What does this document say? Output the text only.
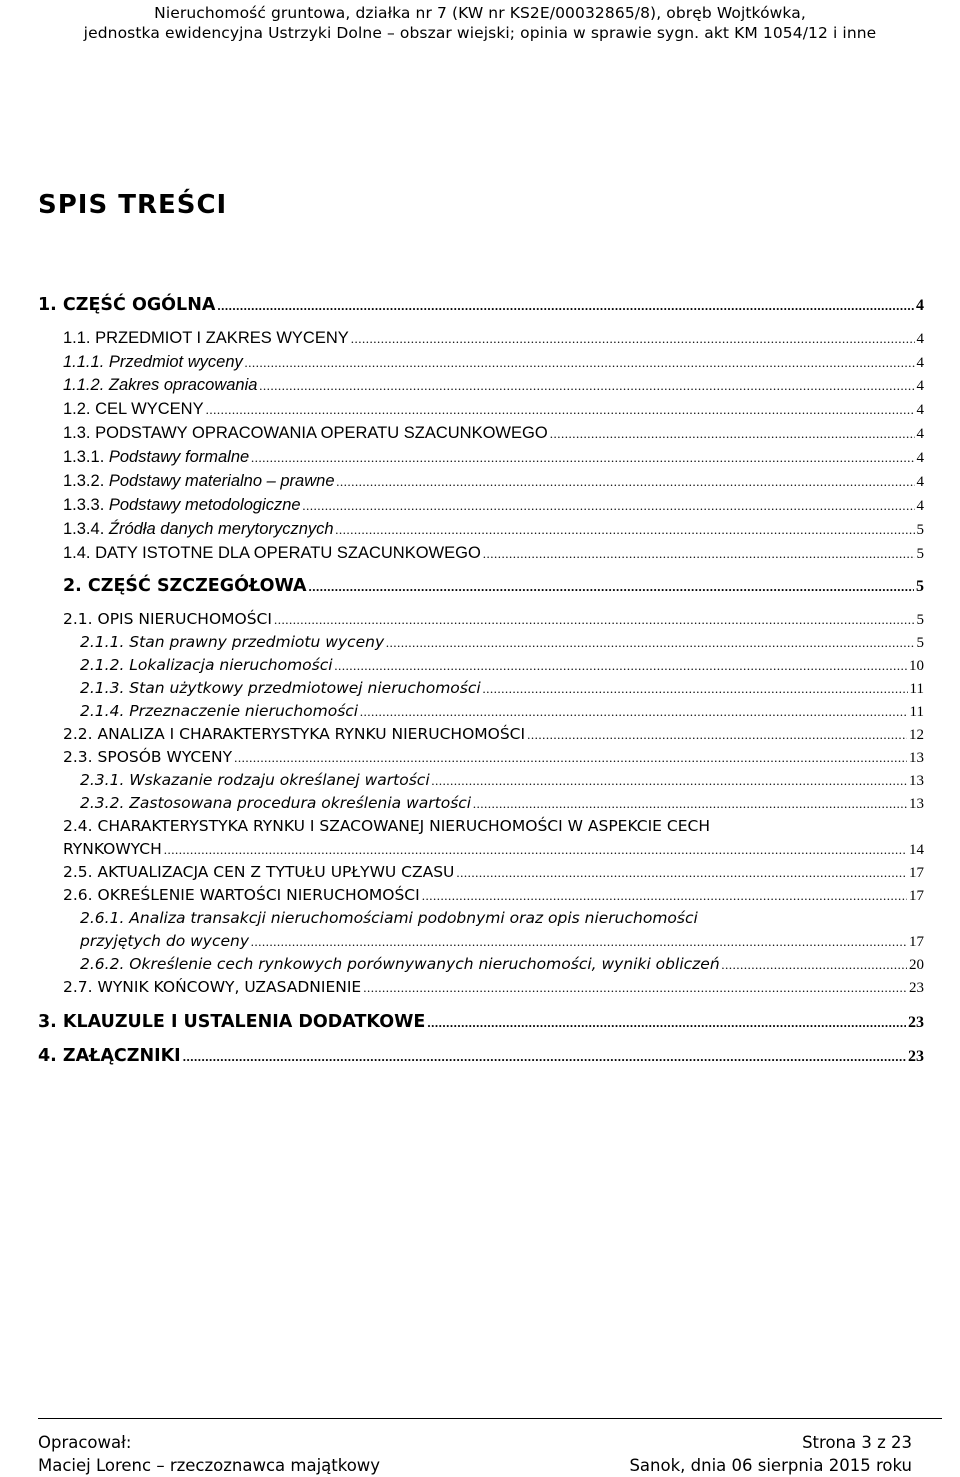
Nieruchomość gruntowa, działka nr 7 (KW nr KS2E/00032865/8), obręb Wojtkówka,
jednostka ewidencyjna Ustrzyki Dolne – obszar wiejski; opinia w sprawie sygn. akt KM 1054/12 i inne
SPIS TREŚCI
1. CZĘŚĆ OGÓLNA .....	4
1.1. PRZEDMIOT I ZAKRES WYCENY .....	4
1.1.1. Przedmiot wyceny .....	4
1.1.2. Zakres opracowania .....	4
1.2. CEL WYCENY .....	4
1.3. PODSTAWY OPRACOWANIA OPERATU SZACUNKOWEGO .....	4
1.3.1. Podstawy formalne .....	4
1.3.2. Podstawy materialno – prawne .....	4
1.3.3. Podstawy metodologiczne .....	4
1.3.4. Źródła danych merytorycznych .....	5
1.4. DATY ISTOTNE DLA OPERATU SZACUNKOWEGO .....	5
2. CZĘŚĆ SZCZEGÓŁOWA .....	5
2.1. OPIS NIERUCHOMOŚCI .....	5
2.1.1. Stan prawny przedmiotu wyceny .....	5
2.1.2. Lokalizacja nieruchomości .....	10
2.1.3. Stan użytkowy przedmiotowej nieruchomości .....	11
2.1.4. Przeznaczenie nieruchomości .....	11
2.2. ANALIZA I CHARAKTERYSTYKA RYNKU NIERUCHOMOŚCI .....	12
2.3. SPOSÓB WYCENY .....	13
2.3.1. Wskazanie rodzaju określanej wartości .....	13
2.3.2. Zastosowana procedura określenia wartości .....	13
2.4. CHARAKTERYSTYKA RYNKU I SZACOWANEJ NIERUCHOMOŚCI W ASPEKCIE CECH
RYNKOWYCH .....	14
2.5. AKTUALIZACJA CEN Z TYTUŁU UPŁYWU CZASU .....	17
2.6. OKREŚLENIE WARTOŚCI NIERUCHOMOŚCI .....	17
2.6.1. Analiza transakcji nieruchomościami podobnymi oraz opis nieruchomości
przyjętych do wyceny .....	17
2.6.2. Określenie cech rynkowych porównywanych nieruchomości, wyniki obliczeń .....	20
2.7. WYNIK KOŃCOWY, UZASADNIENIE .....	23
3. KLAUZULE I USTALENIA DODATKOWE .....	23
4. ZAŁĄCZNIKI .....	23
Opracował:
Maciej Lorenc – rzeczoznawca majątkowy
Strona 3 z 23
Sanok, dnia 06 sierpnia 2015 roku
